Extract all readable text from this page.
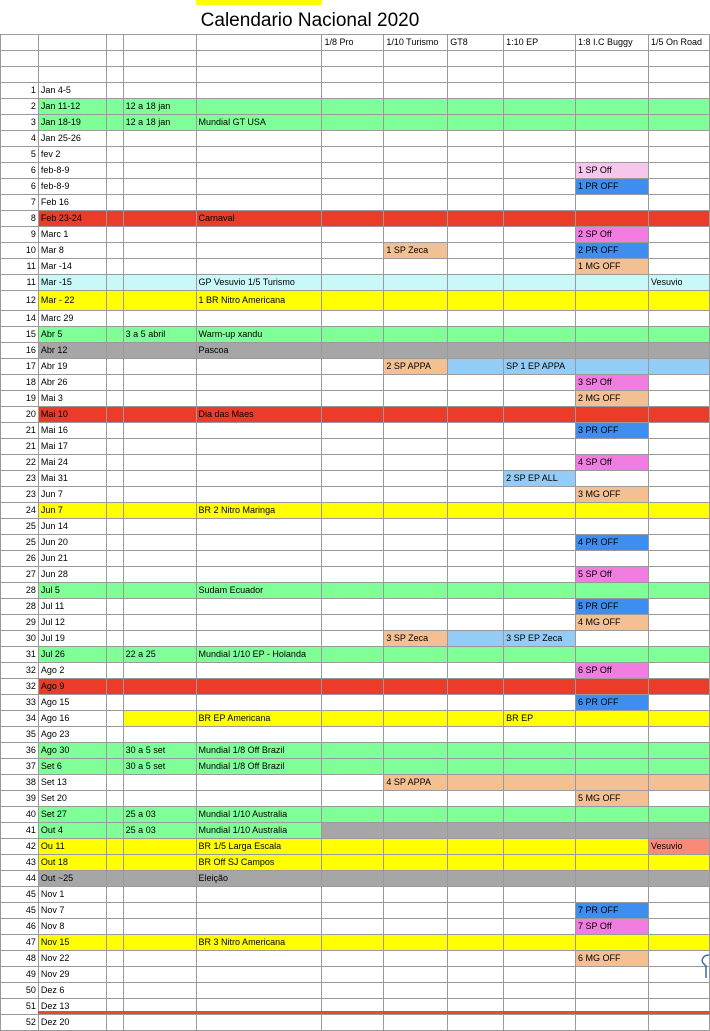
Calendario Nacional 2020
					1/8 Pro	1/10 Turismo	GT8	1:10 EP	1:8 I.C Buggy	1/5 On Road

1	Jan 4-5									
2	Jan 11-12		12 a 18 jan							
3	Jan 18-19		12 a 18 jan	Mundial GT USA						
4	Jan 25-26									
5	fev 2									
6	feb-8-9								1 SP Off	
6	feb-8-9								1 PR OFF	
7	Feb 16									
8	Feb 23-24			Carnaval						
9	Marc 1								2 SP Off	
10	Mar 8					1 SP Zeca			2 PR OFF	
11	Mar -14								1 MG OFF	
11	Mar -15			GP Vesuvio 1/5 Turismo						Vesuvio
12	Mar - 22			1 BR Nitro Americana						
14	Marc 29									
15	Abr 5		3 a 5 abril	Warm-up xandu						
16	Abr 12			Pascoa						
17	Abr 19					2 SP APPA		SP 1 EP APPA		
18	Abr 26								3 SP Off	
19	Mai 3								2 MG OFF	
20	Mai 10			Dia das Maes						
21	Mai 16								3 PR OFF	
21	Mai 17									
22	Mai 24								4 SP Off	
23	Mai 31							2 SP EP ALL		
23	Jun 7								3 MG OFF	
24	Jun 7			BR 2 Nitro Maringa						
25	Jun 14									
25	Jun 20								4 PR OFF	
26	Jun 21									
27	Jun 28								5 SP Off	
28	Jul 5			Sudam Ecuador						
28	Jul 11								5 PR OFF	
29	Jul 12								4 MG OFF	
30	Jul 19					3 SP Zeca		3 SP EP Zeca		
31	Jul 26		22 a 25	Mundial 1/10 EP - Holanda						
32	Ago 2								6 SP Off	
32	Ago 9									
33	Ago 15								6 PR OFF	
34	Ago 16			BR EP Americana				BR EP		
35	Ago 23									
36	Ago 30		30 a 5 set	Mundial 1/8 Off Brazil						
37	Set 6		30 a 5 set	Mundial 1/8 Off Brazil						
38	Set 13					4 SP APPA				
39	Set 20								5 MG OFF	
40	Set 27		25 a 03	Mundial 1/10 Australia						
41	Out 4		25 a 03	Mundial 1/10 Australia						
42	Ou 11			BR 1/5 Larga Escala						Vesuvio
43	Out 18			BR Off SJ Campos						
44	Out ~25			Eleição						
45	Nov 1									
45	Nov 7								7 PR OFF	
46	Nov 8								7 SP Off	
47	Nov 15			BR 3 Nitro Americana						
48	Nov 22								6 MG OFF	
49	Nov 29									
50	Dez 6									
51	Dez 13									
52	Dez 20									
